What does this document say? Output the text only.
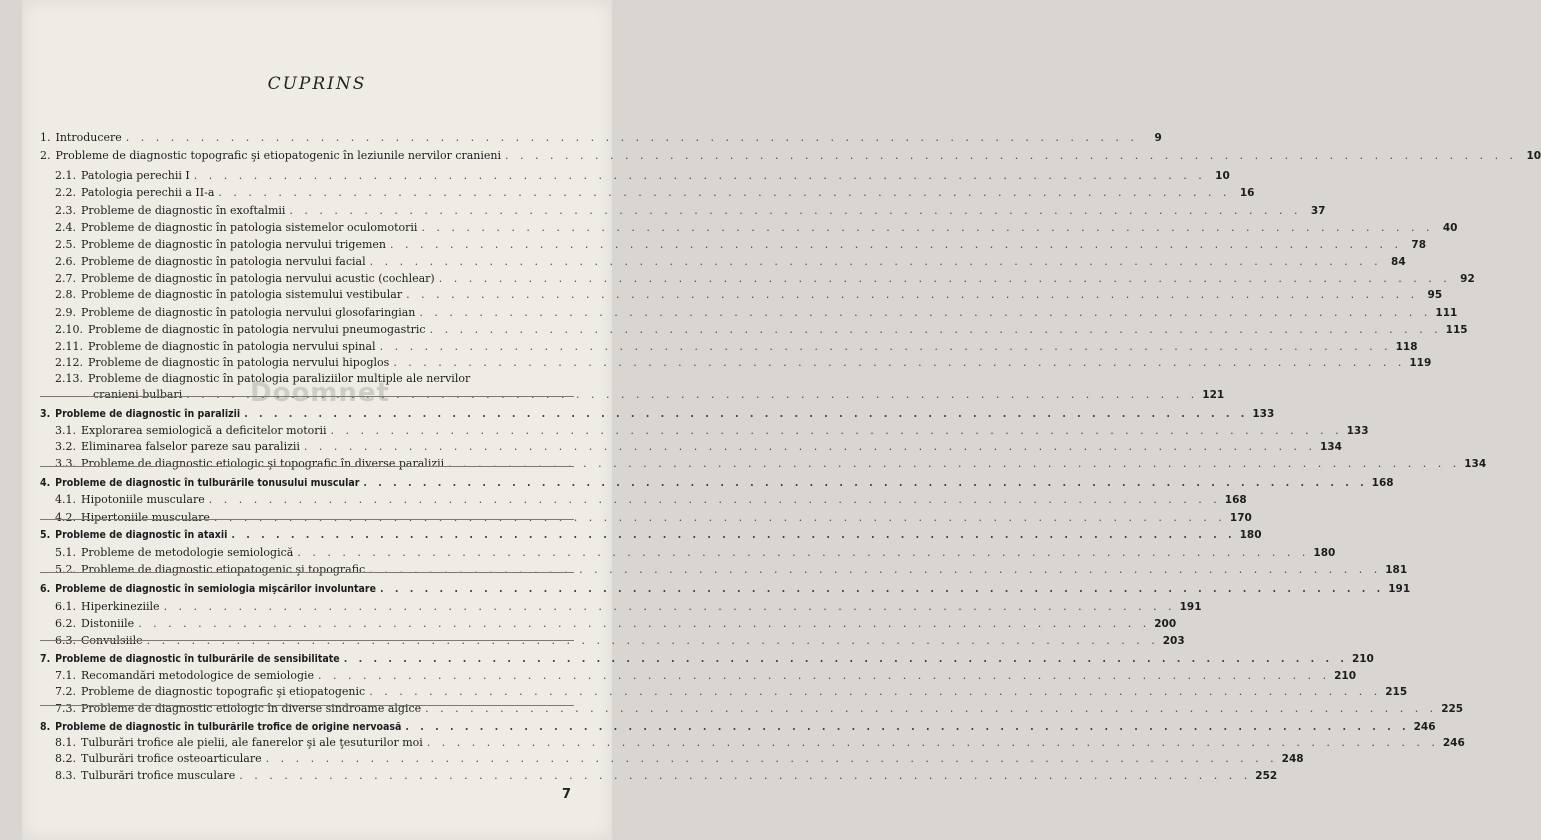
CUPRINS
Doomnet
1. Introducere . . .	9
2. Probleme de diagnostic topografic şi etiopatogenic în leziunile nervilor cranieni . . .	10
2.1. Patologia perechii I . . .	10
2.2. Patologia perechii a II-a . . .	16
2.3. Probleme de diagnostic în exoftalmii . . .	37
2.4. Probleme de diagnostic în patologia sistemelor oculomotorii . . .	40
2.5. Probleme de diagnostic în patologia nervului trigemen . . .	78
2.6. Probleme de diagnostic în patologia nervului facial . . .	84
2.7. Probleme de diagnostic în patologia nervului acustic (cochlear) . . .	92
2.8. Probleme de diagnostic în patologia sistemului vestibular . . .	95
2.9. Probleme de diagnostic în patologia nervului glosofaringian . . .	111
2.10. Probleme de diagnostic în patologia nervului pneumogastric . . .	115
2.11. Probleme de diagnostic în patologia nervului spinal . . .	118
2.12. Probleme de diagnostic în patologia nervului hipoglos . . .	119
2.13. Probleme de diagnostic în patologia paraliziilor multiple ale nervilor
cranieni bulbari . . .	121
3. Probleme de diagnostic în paralizii . . .	133
3.1. Explorarea semiologică a deficitelor motorii . . .	133
3.2. Eliminarea falselor pareze sau paralizii . . .	134
3.3. Probleme de diagnostic etiologic şi topografic în diverse paralizii . . .	134
4. Probleme de diagnostic în tulburările tonusului muscular . . .	168
4.1. Hipotoniile musculare . . .	168
4.2. Hipertoniile musculare . . .	170
5. Probleme de diagnostic în ataxii . . .	180
5.1. Probleme de metodologie semiologică . . .	180
5.2. Probleme de diagnostic etiopatogenic şi topografic . . .	181
6. Probleme de diagnostic în semiologia mişcărilor involuntare . . .	191
6.1. Hiperkineziile . . .	191
6.2. Distoniile . . .	200
6.3. Convulsiile . . .	203
7. Probleme de diagnostic în tulburările de sensibilitate . . .	210
7.1. Recomandări metodologice de semiologie . . .	210
7.2. Probleme de diagnostic topografic şi etiopatogenic . . .	215
7.3. Probleme de diagnostic etiologic în diverse sindroame algice . . .	225
8. Probleme de diagnostic în tulburările trofice de origine nervoasă . . .	246
8.1. Tulburări trofice ale pielii, ale fanerelor şi ale ţesuturilor moi . . .	246
8.2. Tulburări trofice osteoarticulare . . .	248
8.3. Tulburări trofice musculare . . .	252
7
